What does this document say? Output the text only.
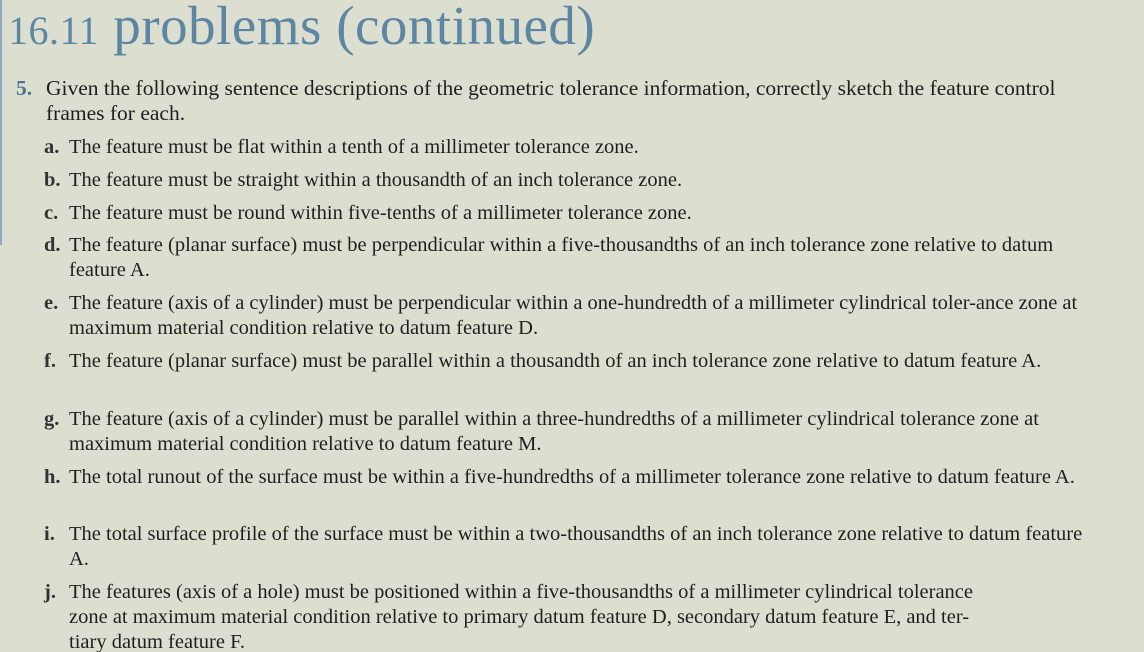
16.11 problems (continued)
5. Given the following sentence descriptions of the geometric tolerance information, correctly sketch the feature control frames for each.

a. The feature must be flat within a tenth of a millimeter tolerance zone.
b. The feature must be straight within a thousandth of an inch tolerance zone.
c. The feature must be round within five-tenths of a millimeter tolerance zone.
d. The feature (planar surface) must be perpendicular within a five-thousandths of an inch tolerance zone relative to datum feature A.
e. The feature (axis of a cylinder) must be perpendicular within a one-hundredth of a millimeter cylindrical toler-ance zone at maximum material condition relative to datum feature D.
f. The feature (planar surface) must be parallel within a thousandth of an inch tolerance zone relative to datum feature A.
g. The feature (axis of a cylinder) must be parallel within a three-hundredths of a millimeter cylindrical tolerance zone at maximum material condition relative to datum feature M.
h. The total runout of the surface must be within a five-hundredths of a millimeter tolerance zone relative to datum feature A.
i. The total surface profile of the surface must be within a two-thousandths of an inch tolerance zone relative to datum feature A.
j. The features (axis of a hole) must be positioned within a five-thousandths of a millimeter cylindrical tolerance
zone at maximum material condition relative to primary datum feature D, secondary datum feature E, and ter-
tiary datum feature F.
